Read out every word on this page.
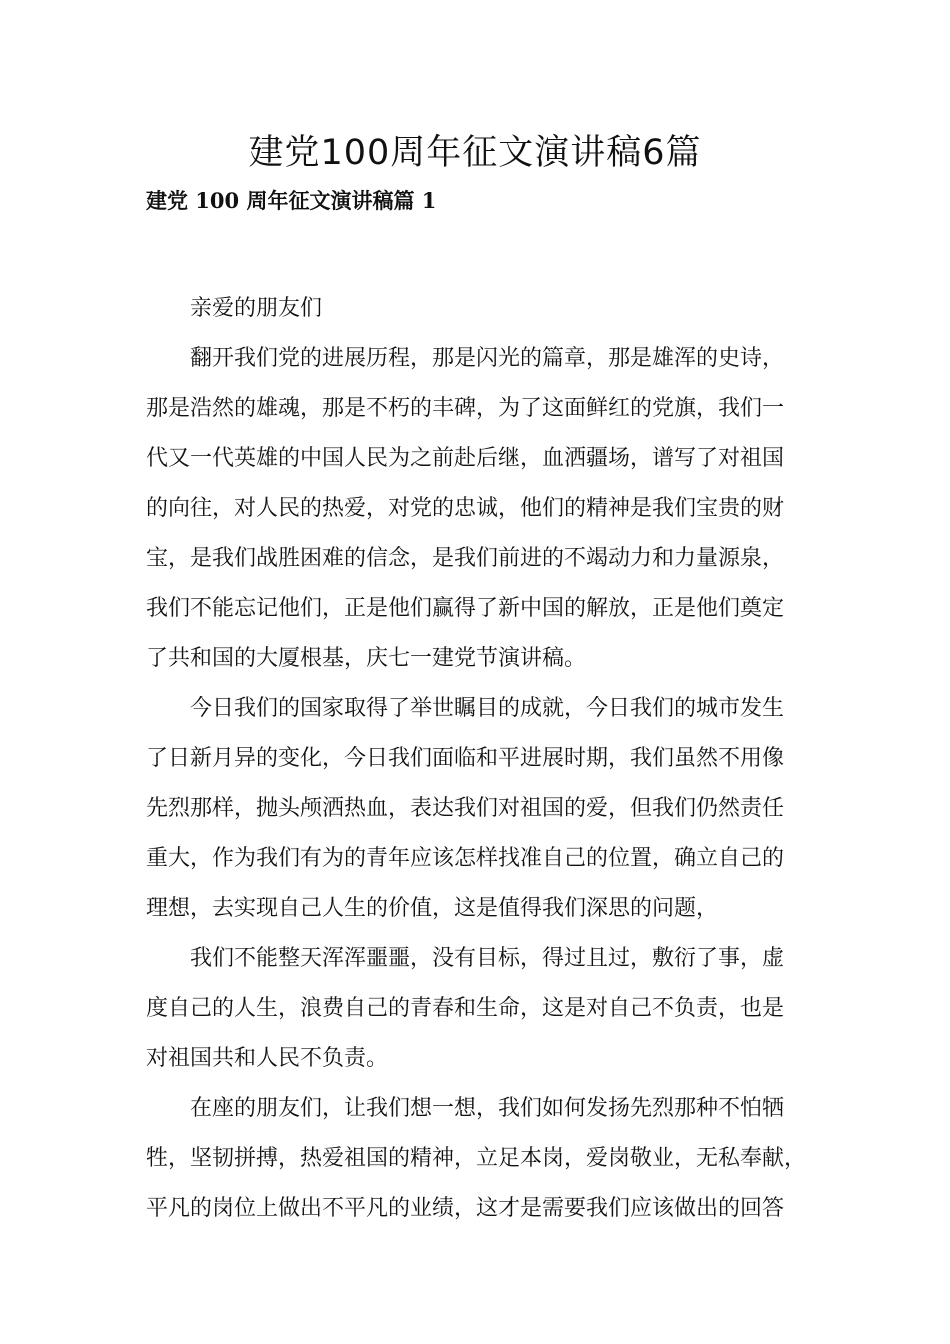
建党100周年征文演讲稿6篇
建党 100 周年征文演讲稿篇 1

亲爱的朋友们

翻开我们党的进展历程，那是闪光的篇章，那是雄浑的史诗，
那是浩然的雄魂，那是不朽的丰碑，为了这面鲜红的党旗，我们一
代又一代英雄的中国人民为之前赴后继，血洒疆场，谱写了对祖国
的向往，对人民的热爱，对党的忠诚，他们的精神是我们宝贵的财
宝，是我们战胜困难的信念，是我们前进的不竭动力和力量源泉，
我们不能忘记他们，正是他们赢得了新中国的解放，正是他们奠定
了共和国的大厦根基，庆七一建党节演讲稿。

今日我们的国家取得了举世瞩目的成就，今日我们的城市发生
了日新月异的变化，今日我们面临和平进展时期，我们虽然不用像
先烈那样，抛头颅洒热血，表达我们对祖国的爱，但我们仍然责任
重大，作为我们有为的青年应该怎样找准自己的位置，确立自己的
理想，去实现自己人生的价值，这是值得我们深思的问题，

我们不能整天浑浑噩噩，没有目标，得过且过，敷衍了事，虚
度自己的人生，浪费自己的青春和生命，这是对自己不负责，也是
对祖国共和人民不负责。

在座的朋友们，让我们想一想，我们如何发扬先烈那种不怕牺
牲，坚韧拼搏，热爱祖国的精神，立足本岗，爱岗敬业，无私奉献，
平凡的岗位上做出不平凡的业绩，这才是需要我们应该做出的回答
